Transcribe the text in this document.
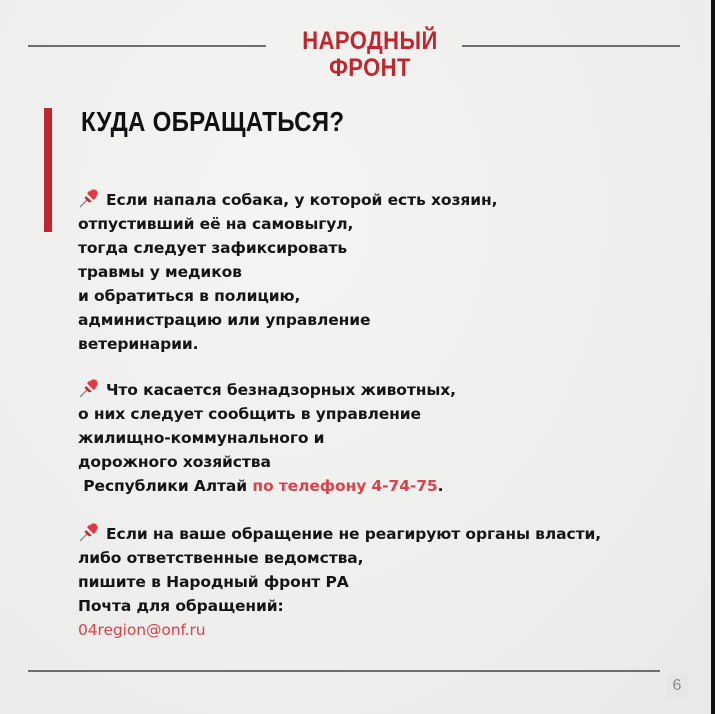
НАРОДНЫЙ
ФРОНТ
КУДА ОБРАЩАТЬСЯ?
Если напала собака, у которой есть хозяин,
отпустивший её на самовыгул,
тогда следует зафиксировать
травмы у медиков
и обратиться в полицию,
администрацию или управление
ветеринарии.
Что касается безнадзорных животных,
о них следует сообщить в управление
жилищно-коммунального и
дорожного хозяйства
Республики Алтай по телефону 4-74-75.
Если на ваше обращение не реагируют органы власти,
либо ответственные ведомства,
пишите в Народный фронт РА
Почта для обращений:
04region@onf.ru
6
